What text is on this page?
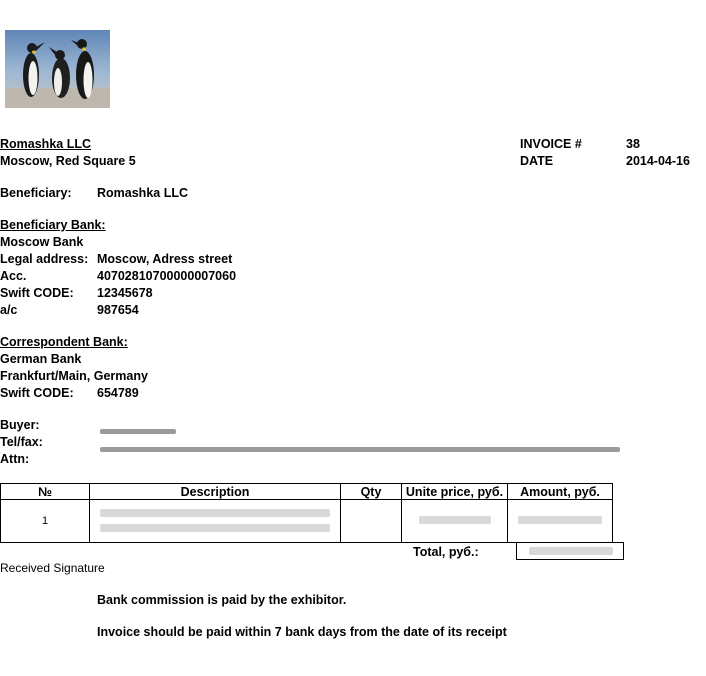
Romashka LLC
Moscow, Red Square 5
INVOICE #	38
DATE	2014-04-16
Beneficiary: Romashka LLC
Beneficiary Bank:
Moscow Bank
Legal address: Moscow, Adress street
Acc.	40702810700000007060
Swift CODE: 12345678
a/c	987654
Correspondent Bank:
German Bank
Frankfurt/Main, Germany
Swift CODE: 654789
Buyer:
Tel/fax:
Attn:
№	Description	Qty	Unite price, руб.	Amount, руб.
1	

Total, руб.:
Received Signature
Bank commission is paid by the exhibitor.
Invoice should be paid within 7 bank days from the date of its receipt
